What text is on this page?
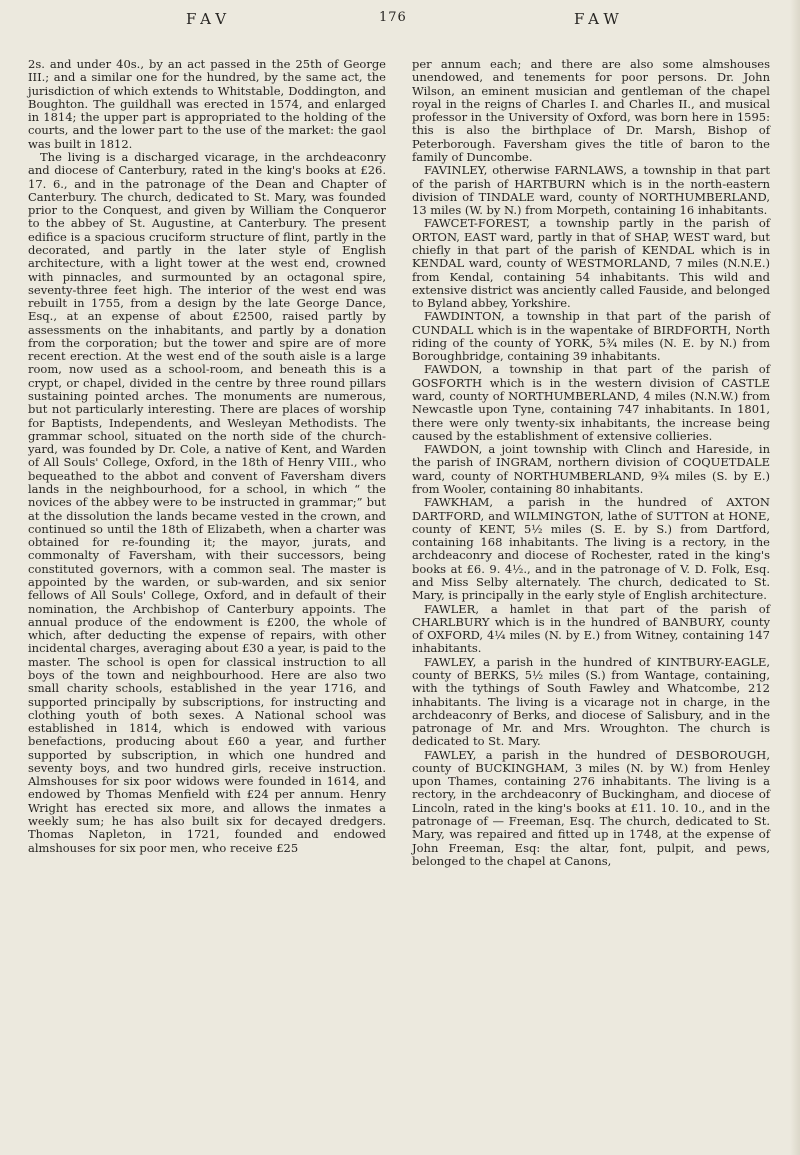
FAV	176	FAW

2s. and under 40s., by an act passed in the 25th of George III.; and a similar one for the hundred, by the same act, the jurisdiction of which extends to Whitstable, Doddington, and Boughton. The guildhall was erected in 1574, and enlarged in 1814; the upper part is appropriated to the holding of the courts, and the lower part to the use of the market: the gaol was built in 1812.

The living is a discharged vicarage, in the archdeaconry and diocese of Canterbury, rated in the king's books at £26. 17. 6., and in the patronage of the Dean and Chapter of Canterbury. The church, dedicated to St. Mary, was founded prior to the Conquest, and given by William the Conqueror to the abbey of St. Augustine, at Canterbury. The present edifice is a spacious cruciform structure of flint, partly in the decorated, and partly in the later style of English architecture, with a light tower at the west end, crowned with pinnacles, and surmounted by an octagonal spire, seventy-three feet high. The interior of the west end was rebuilt in 1755, from a design by the late George Dance, Esq., at an expense of about £2500, raised partly by assessments on the inhabitants, and partly by a donation from the corporation; but the tower and spire are of more recent erection. At the west end of the south aisle is a large room, now used as a school-room, and beneath this is a crypt, or chapel, divided in the centre by three round pillars sustaining pointed arches. The monuments are numerous, but not particularly interesting. There are places of worship for Baptists, Independents, and Wesleyan Methodists. The grammar school, situated on the north side of the church-yard, was founded by Dr. Cole, a native of Kent, and Warden of All Souls' College, Oxford, in the 18th of Henry VIII., who bequeathed to the abbot and convent of Faversham divers lands in the neighbourhood, for a school, in which “ the novices of the abbey were to be instructed in grammar;” but at the dissolution the lands became vested in the crown, and continued so until the 18th of Elizabeth, when a charter was obtained for re-founding it; the mayor, jurats, and commonalty of Faversham, with their successors, being constituted governors, with a common seal. The master is appointed by the warden, or sub-warden, and six senior fellows of All Souls' College, Oxford, and in default of their nomination, the Archbishop of Canterbury appoints. The annual produce of the endowment is £200, the whole of which, after deducting the expense of repairs, with other incidental charges, averaging about £30 a year, is paid to the master. The school is open for classical instruction to all boys of the town and neighbourhood. Here are also two small charity schools, established in the year 1716, and supported principally by subscriptions, for instructing and clothing youth of both sexes. A National school was established in 1814, which is endowed with various benefactions, producing about £60 a year, and further supported by subscription, in which one hundred and seventy boys, and two hundred girls, receive instruction. Almshouses for six poor widows were founded in 1614, and endowed by Thomas Menfield with £24 per annum. Henry Wright has erected six more, and allows the inmates a weekly sum; he has also built six for decayed dredgers. Thomas Napleton, in 1721, founded and endowed almshouses for six poor men, who receive £25

per annum each; and there are also some almshouses unendowed, and tenements for poor persons. Dr. John Wilson, an eminent musician and gentleman of the chapel royal in the reigns of Charles I. and Charles II., and musical professor in the University of Oxford, was born here in 1595: this is also the birthplace of Dr. Marsh, Bishop of Peterborough. Faversham gives the title of baron to the family of Duncombe.

FAVINLEY, otherwise FARNLAWS, a township in that part of the parish of HARTBURN which is in the north-eastern division of TINDALE ward, county of NORTHUMBERLAND, 13 miles (W. by N.) from Morpeth, containing 16 inhabitants.

FAWCET-FOREST, a township partly in the parish of ORTON, EAST ward, partly in that of SHAP, WEST ward, but chiefly in that part of the parish of KENDAL which is in KENDAL ward, county of WESTMORLAND, 7 miles (N.N.E.) from Kendal, containing 54 inhabitants. This wild and extensive district was anciently called Fauside, and belonged to Byland abbey, Yorkshire.

FAWDINTON, a township in that part of the parish of CUNDALL which is in the wapentake of BIRDFORTH, North riding of the county of YORK, 5¾ miles (N. E. by N.) from Boroughbridge, containing 39 inhabitants.

FAWDON, a township in that part of the parish of GOSFORTH which is in the western division of CASTLE ward, county of NORTHUMBERLAND, 4 miles (N.N.W.) from Newcastle upon Tyne, containing 747 inhabitants. In 1801, there were only twenty-six inhabitants, the increase being caused by the establishment of extensive collieries.

FAWDON, a joint township with Clinch and Hareside, in the parish of INGRAM, northern division of COQUETDALE ward, county of NORTHUMBERLAND, 9¾ miles (S. by E.) from Wooler, containing 80 inhabitants.

FAWKHAM, a parish in the hundred of AXTON DARTFORD, and WILMINGTON, lathe of SUTTON at HONE, county of KENT, 5½ miles (S. E. by S.) from Dartford, containing 168 inhabitants. The living is a rectory, in the archdeaconry and diocese of Rochester, rated in the king's books at £6. 9. 4½., and in the patronage of V. D. Folk, Esq. and Miss Selby alternately. The church, dedicated to St. Mary, is principally in the early style of English architecture.

FAWLER, a hamlet in that part of the parish of CHARLBURY which is in the hundred of BANBURY, county of OXFORD, 4¼ miles (N. by E.) from Witney, containing 147 inhabitants.

FAWLEY, a parish in the hundred of KINTBURY-EAGLE, county of BERKS, 5½ miles (S.) from Wantage, containing, with the tythings of South Fawley and Whatcombe, 212 inhabitants. The living is a vicarage not in charge, in the archdeaconry of Berks, and diocese of Salisbury, and in the patronage of Mr. and Mrs. Wroughton. The church is dedicated to St. Mary.

FAWLEY, a parish in the hundred of DESBOROUGH, county of BUCKINGHAM, 3 miles (N. by W.) from Henley upon Thames, containing 276 inhabitants. The living is a rectory, in the archdeaconry of Buckingham, and diocese of Lincoln, rated in the king's books at £11. 10. 10., and in the patronage of — Freeman, Esq. The church, dedicated to St. Mary, was repaired and fitted up in 1748, at the expense of John Freeman, Esq: the altar, font, pulpit, and pews, belonged to the chapel at Canons,
